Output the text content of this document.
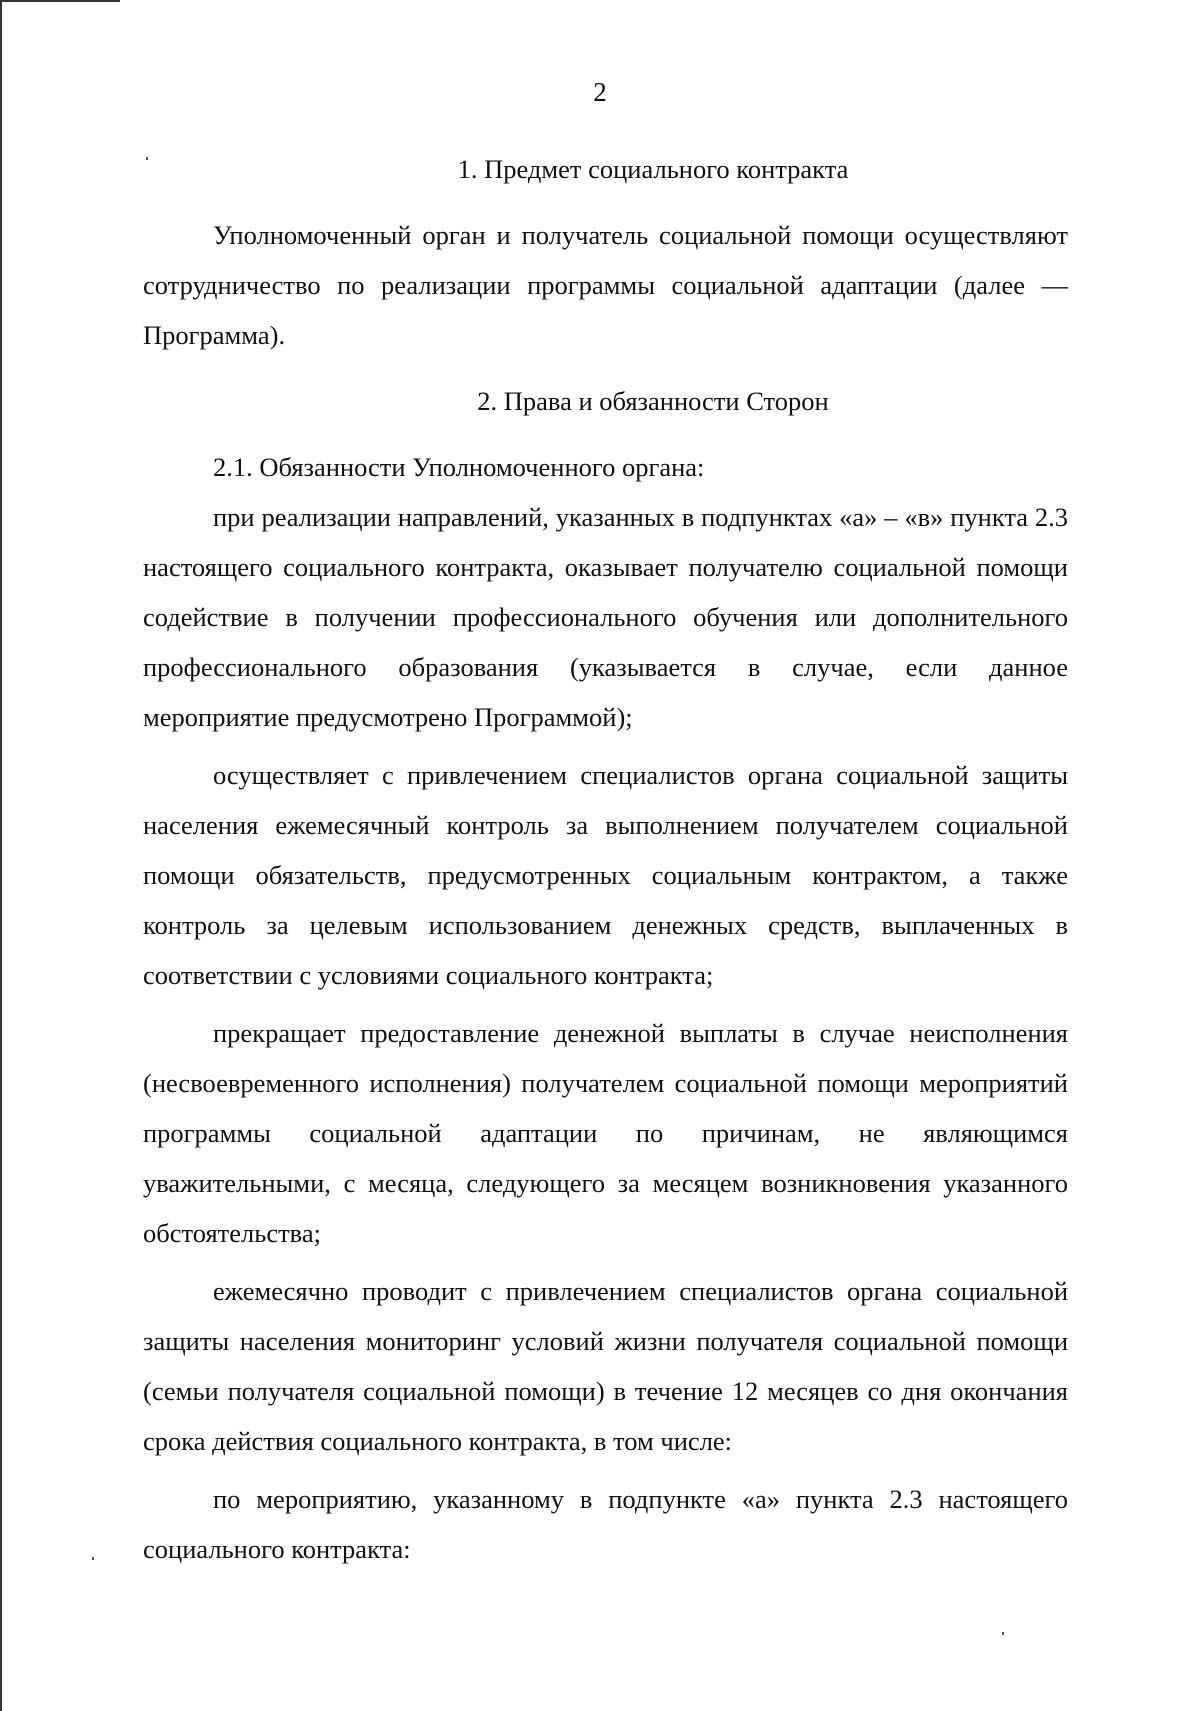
2
1. Предмет социального контракта

Уполномоченный орган и получатель социальной помощи осуществляют сотрудничество по реализации программы социальной адаптации (далее — Программа).

2. Права и обязанности Сторон

2.1. Обязанности Уполномоченного органа:

при реализации направлений, указанных в подпунктах «а» – «в» пункта 2.3 настоящего социального контракта, оказывает получателю социальной помощи содействие в получении профессионального обучения или дополнительного профессионального образования (указывается в случае, если данное мероприятие предусмотрено Программой);

осуществляет с привлечением специалистов органа социальной защиты населения ежемесячный контроль за выполнением получателем социальной помощи обязательств, предусмотренных социальным контрактом, а также контроль за целевым использованием денежных средств, выплаченных в соответствии с условиями социального контракта;

прекращает предоставление денежной выплаты в случае неисполнения (несвоевременного исполнения) получателем социальной помощи мероприятий программы социальной адаптации по причинам, не являющимся уважительными, с месяца, следующего за месяцем возникновения указанного обстоятельства;

ежемесячно проводит с привлечением специалистов органа социальной защиты населения мониторинг условий жизни получателя социальной помощи (семьи получателя социальной помощи) в течение 12 месяцев со дня окончания срока действия социального контракта, в том числе:

по мероприятию, указанному в подпункте «а» пункта 2.3 настоящего социального контракта:
